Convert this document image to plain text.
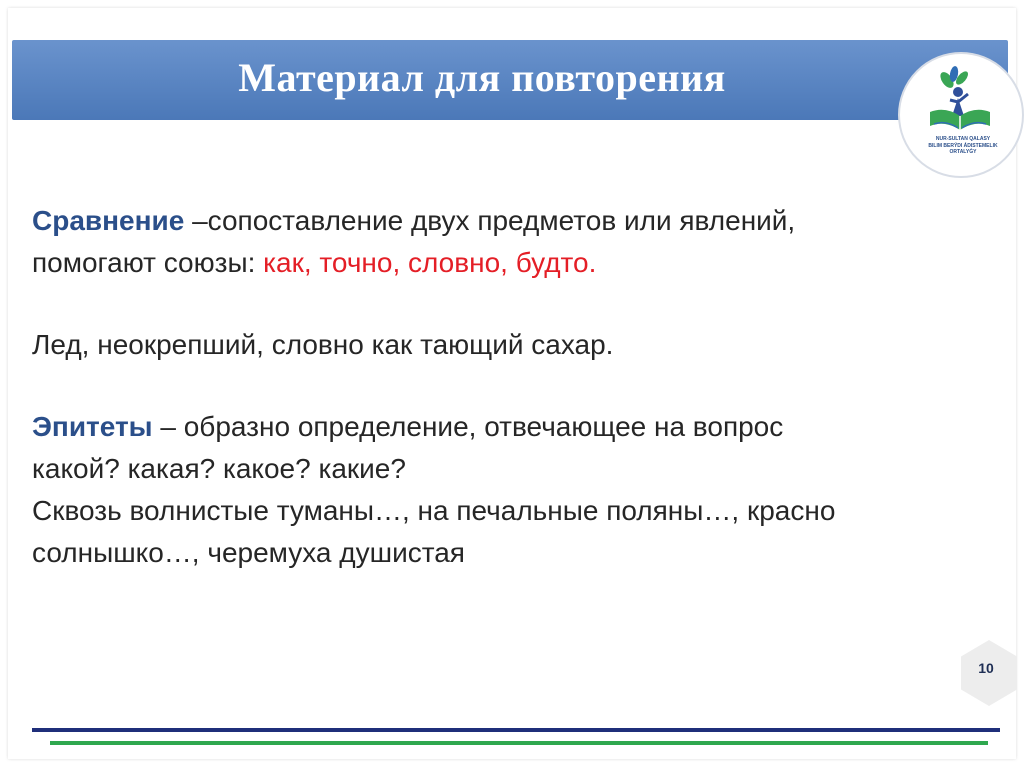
Материал для повторения
NUR-SULTAN QALASY
BILIM BERÝDI ÁDISTEMELIK ORTALYǴY
Сравнение –сопоставление двух предметов или явлений,
помогают союзы: как, точно, словно, будто.
Лед, неокрепший, словно как тающий сахар.
Эпитеты – образно определение, отвечающее на вопрос
какой? какая? какое? какие?
Сквозь волнистые туманы…, на печальные поляны…, красно
солнышко…, черемуха душистая
10
